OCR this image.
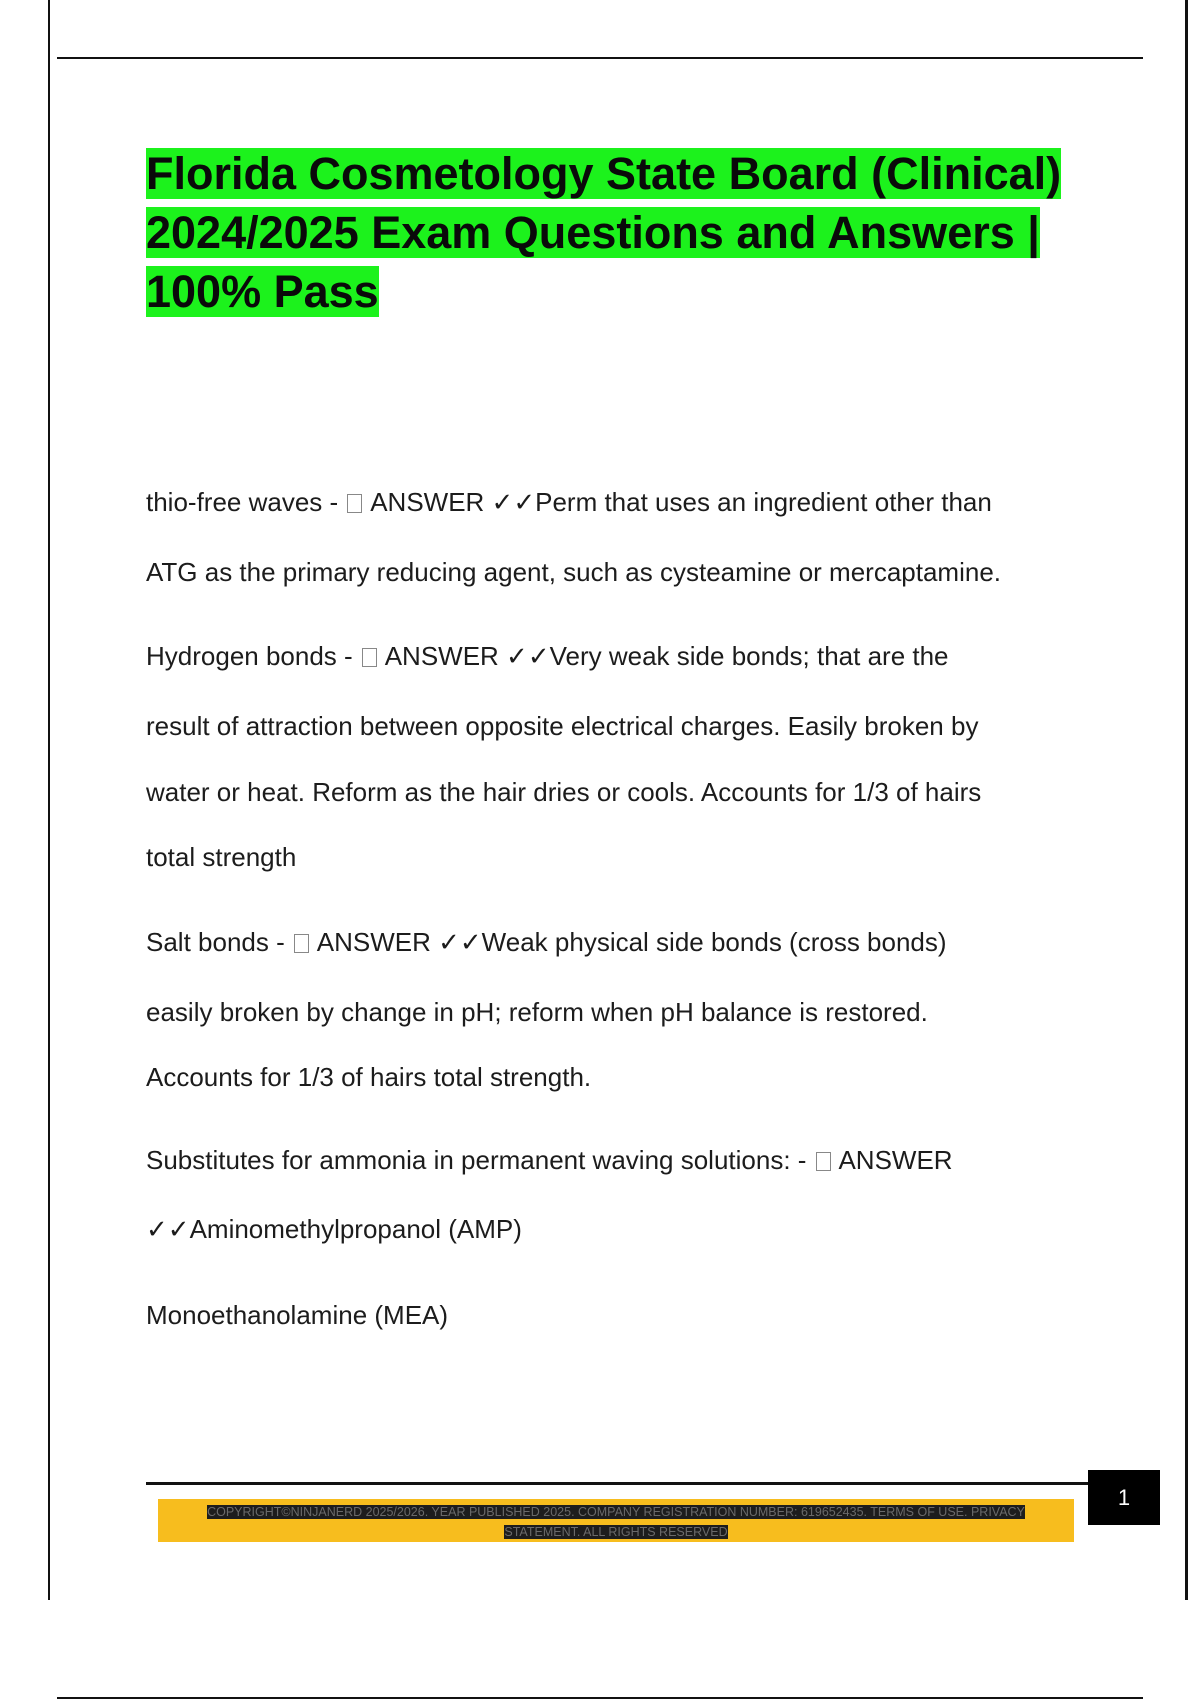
Florida Cosmetology State Board (Clinical) 2024/2025 Exam Questions and Answers | 100% Pass

thio-free waves -  ANSWER ✓✓Perm that uses an ingredient other than
ATG as the primary reducing agent, such as cysteamine or mercaptamine.

Hydrogen bonds -  ANSWER ✓✓Very weak side bonds; that are the
result of attraction between opposite electrical charges. Easily broken by
water or heat. Reform as the hair dries or cools. Accounts for 1/3 of hairs
total strength

Salt bonds -  ANSWER ✓✓Weak physical side bonds (cross bonds)
easily broken by change in pH; reform when pH balance is restored.
Accounts for 1/3 of hairs total strength.

Substitutes for ammonia in permanent waving solutions: -  ANSWER
✓✓Aminomethylpropanol (AMP)

Monoethanolamine (MEA)

1
COPYRIGHT©NINJANERD 2025/2026. YEAR PUBLISHED 2025. COMPANY REGISTRATION NUMBER: 619652435. TERMS OF USE. PRIVACY STATEMENT. ALL RIGHTS RESERVED
